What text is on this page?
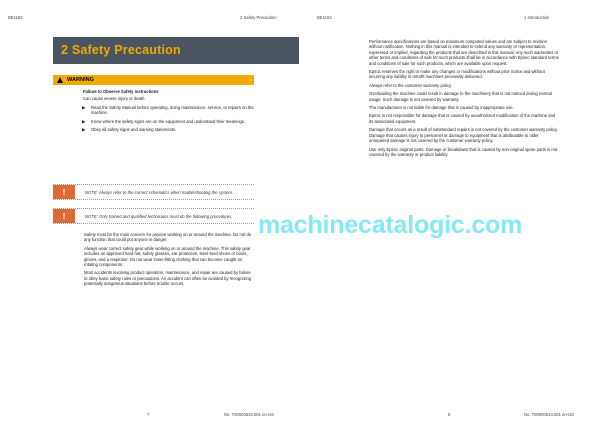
BE1163	2 Safety Precaution
2 Safety Precaution
WARNING
Failure to Observe Safety Instructions
Can cause severe injury or death
▶ Read the Safety Manual before operating, doing maintenance, service, or repairs on the machine.
▶ Know where the safety signs are on the equipment and understand their meanings.
▶ Obey all safety signs and warning statements.
!	NOTE: Always refer to the correct schematics when troubleshooting the system.
!	NOTE: Only trained and qualified technicians must do the following procedures.
Safety must be the main concern for anyone working on or around the machine. Do not do any function that could put anyone in danger.
Always wear correct safety gear while working on or around the machine. This safety gear includes an approved hard hat, safety glasses, ear protection, steel-toed shoes or boots, gloves, and a respirator. Do not wear loose-fitting clothing that can become caught on rotating components.
Most accidents involving product operation, maintenance, and repair are caused by failure to obey basic safety rules or precautions. An accident can often be avoided by recognizing potentially dangerous situations before trouble occurs.
7	No. T00000510.001 en-US
BE1163	1 Introduction
6	No. T00000510.001 en-US
Performance specifications are based on maximum computed values and are subject to revision without notification. Nothing in this manual is intended to extend any warranty or representation, expressed or implied, regarding the products that are described in this manual. Any such warranties or other terms and conditions of sale for such products shall be in accordance with Epiroc standard terms and conditions of sale for such products, which are available upon request.
Epiroc reserves the right to make any changes or modifications without prior notice and without incurring any liability to retrofit machines previously delivered.
Always refer to the customer warranty policy.
Overloading the machine could result in damage to the machinery that is not noticed during normal usage. Such damage is not covered by warranty.
The manufacturer is not liable for damage that is caused by inappropriate use.
Epiroc is not responsible for damage that is caused by unauthorized modification of the machine and its associated equipment.
Damage that occurs as a result of substandard repairs is not covered by the customer warranty policy. Damage that causes injury to personnel or damage to equipment that is attributable to older unrepaired damage is not covered by the customer warranty policy.
Use only Epiroc original parts. Damage or breakdown that is caused by non-original spare parts is not covered by the warranty or product liability.
machinecatalogic.com
